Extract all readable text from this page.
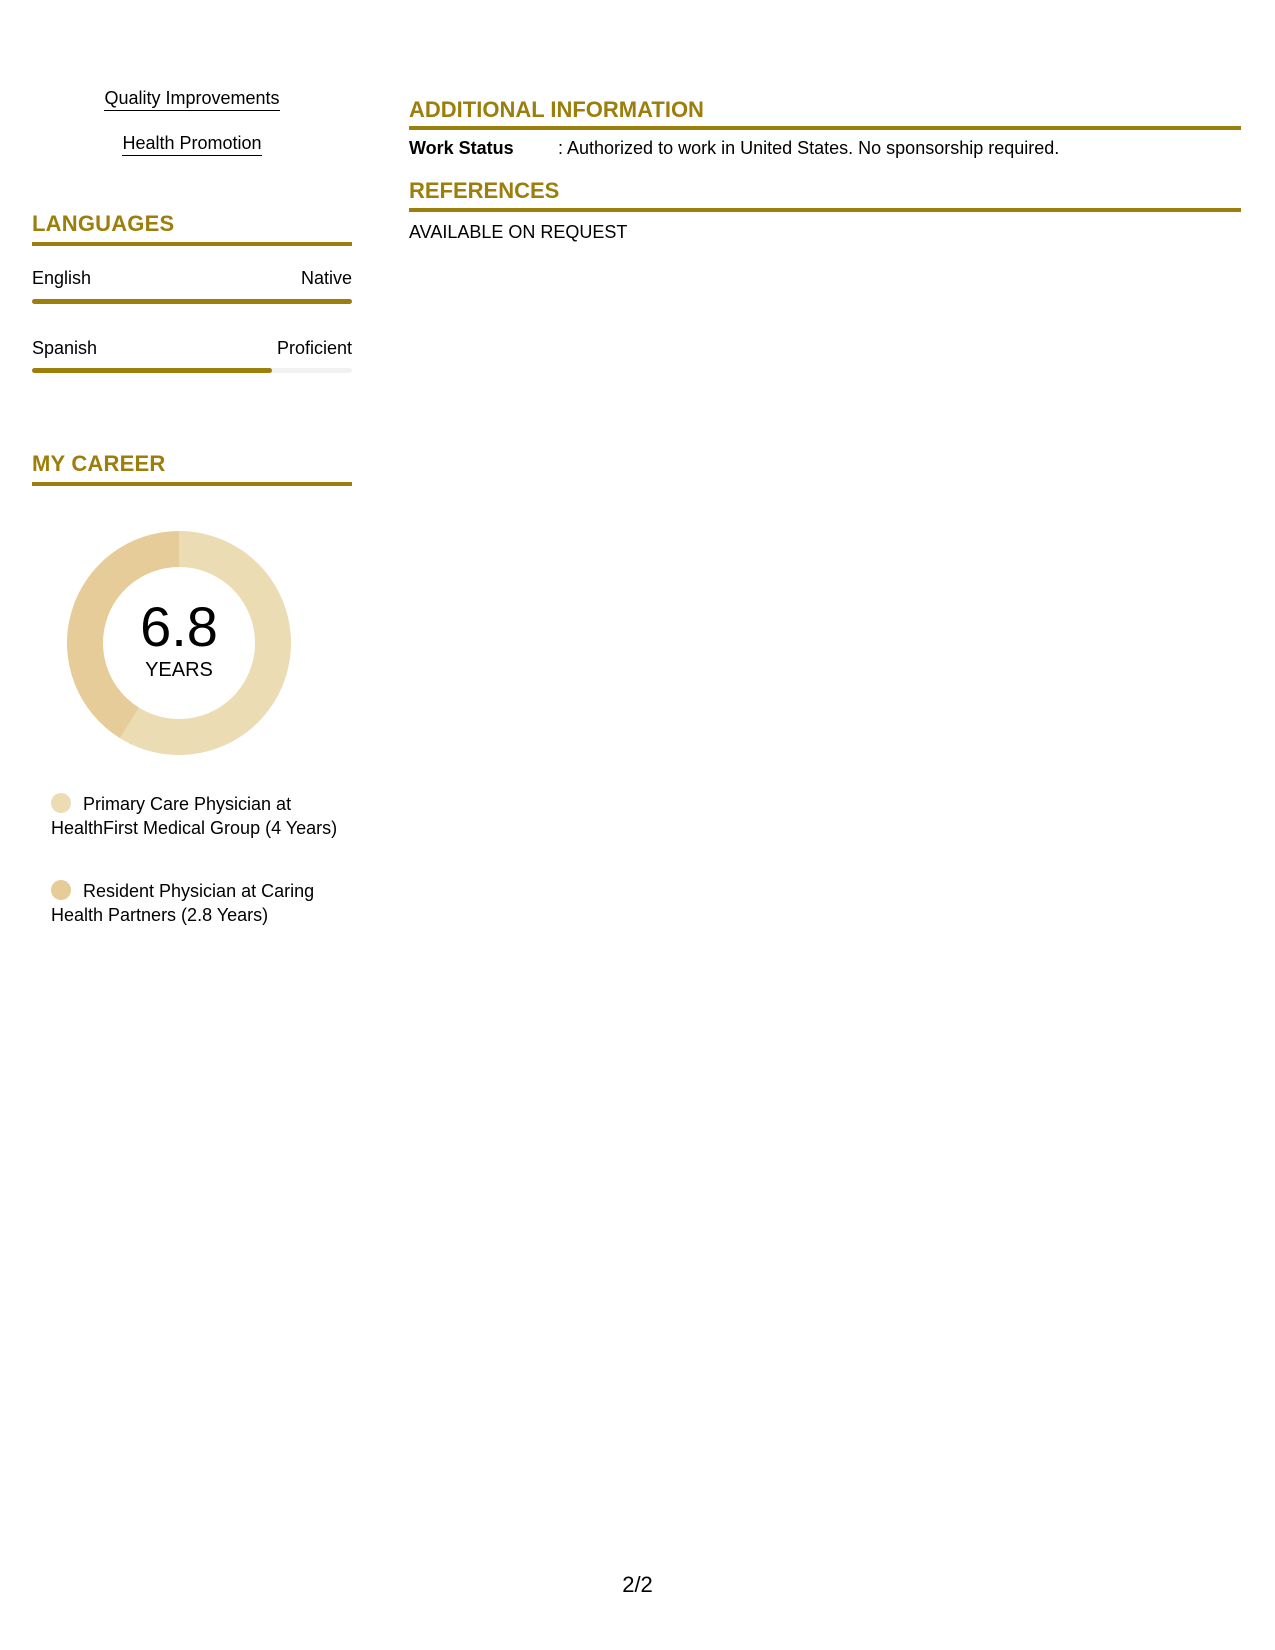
Quality Improvements
Health Promotion
LANGUAGES
English	Native
Spanish	Proficient
MY CAREER
6.8
YEARS
Primary Care Physician at HealthFirst Medical Group (4 Years)
Resident Physician at Caring Health Partners (2.8 Years)
ADDITIONAL INFORMATION
Work Status : Authorized to work in United States. No sponsorship required.
REFERENCES
AVAILABLE ON REQUEST
2/2
